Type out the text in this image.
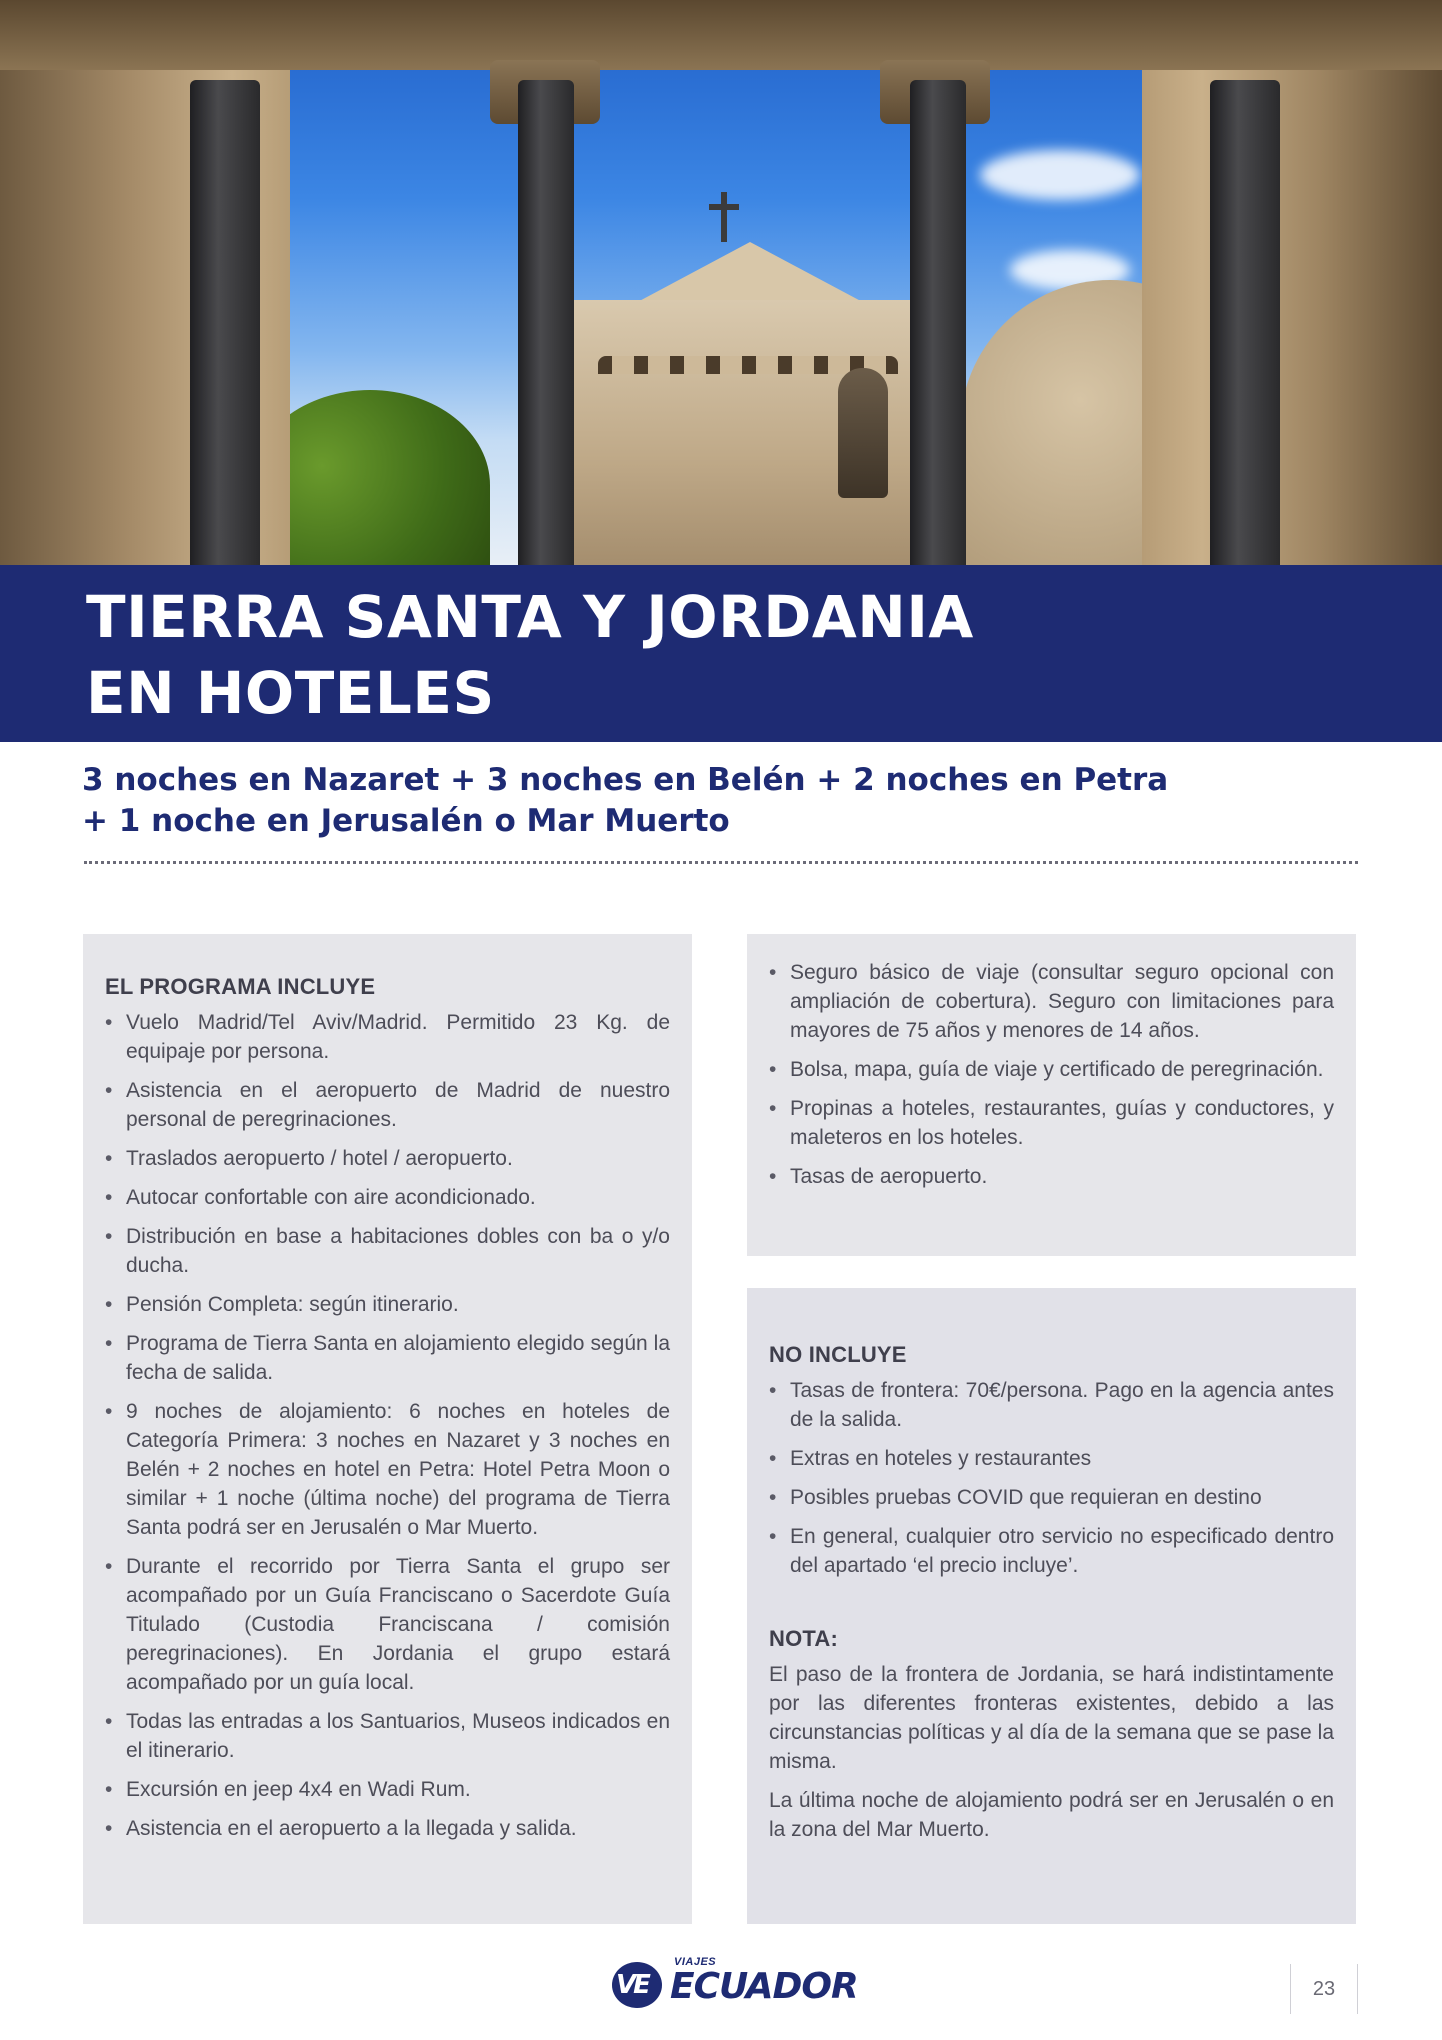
TIERRA SANTA Y JORDANIA
EN HOTELES
3 noches en Nazaret + 3 noches en Belén + 2 noches en Petra
+ 1 noche en Jerusalén o Mar Muerto
EL PROGRAMA INCLUYE
• Vuelo Madrid/Tel Aviv/Madrid. Permitido 23 Kg. de equipaje por persona.
• Asistencia en el aeropuerto de Madrid de nuestro personal de peregrinaciones.
• Traslados aeropuerto / hotel / aeropuerto.
• Autocar confortable con aire acondicionado.
• Distribución en base a habitaciones dobles con ba o y/o ducha.
• Pensión Completa: según itinerario.
• Programa de Tierra Santa en alojamiento elegido según la fecha de salida.
• 9 noches de alojamiento: 6 noches en hoteles de Categoría Primera: 3 noches en Nazaret y 3 noches en Belén + 2 noches en hotel en Petra: Hotel Petra Moon o similar + 1 noche (última noche) del programa de Tierra Santa podrá ser en Jerusalén o Mar Muerto.
• Durante el recorrido por Tierra Santa el grupo ser acompañado por un Guía Franciscano o Sacerdote Guía Titulado (Custodia Franciscana / comisión peregrinaciones). En Jordania el grupo estará acompañado por un guía local.
• Todas las entradas a los Santuarios, Museos indicados en el itinerario.
• Excursión en jeep 4x4 en Wadi Rum.
• Asistencia en el aeropuerto a la llegada y salida.
• Seguro básico de viaje (consultar seguro opcional con ampliación de cobertura). Seguro con limitaciones para mayores de 75 años y menores de 14 años.
• Bolsa, mapa, guía de viaje y certificado de peregrinación.
• Propinas a hoteles, restaurantes, guías y conductores, y maleteros en los hoteles.
• Tasas de aeropuerto.
NO INCLUYE
• Tasas de frontera: 70€/persona. Pago en la agencia antes de la salida.
• Extras en hoteles y restaurantes
• Posibles pruebas COVID que requieran en destino
• En general, cualquier otro servicio no especificado dentro del apartado ‘el precio incluye’.
NOTA:

El paso de la frontera de Jordania, se hará indistintamente por las diferentes fronteras existentes, debido a las circunstancias políticas y al día de la semana que se pase la misma.

La última noche de alojamiento podrá ser en Jerusalén o en la zona del Mar Muerto.

VE
VIAJES
ECUADOR	23
